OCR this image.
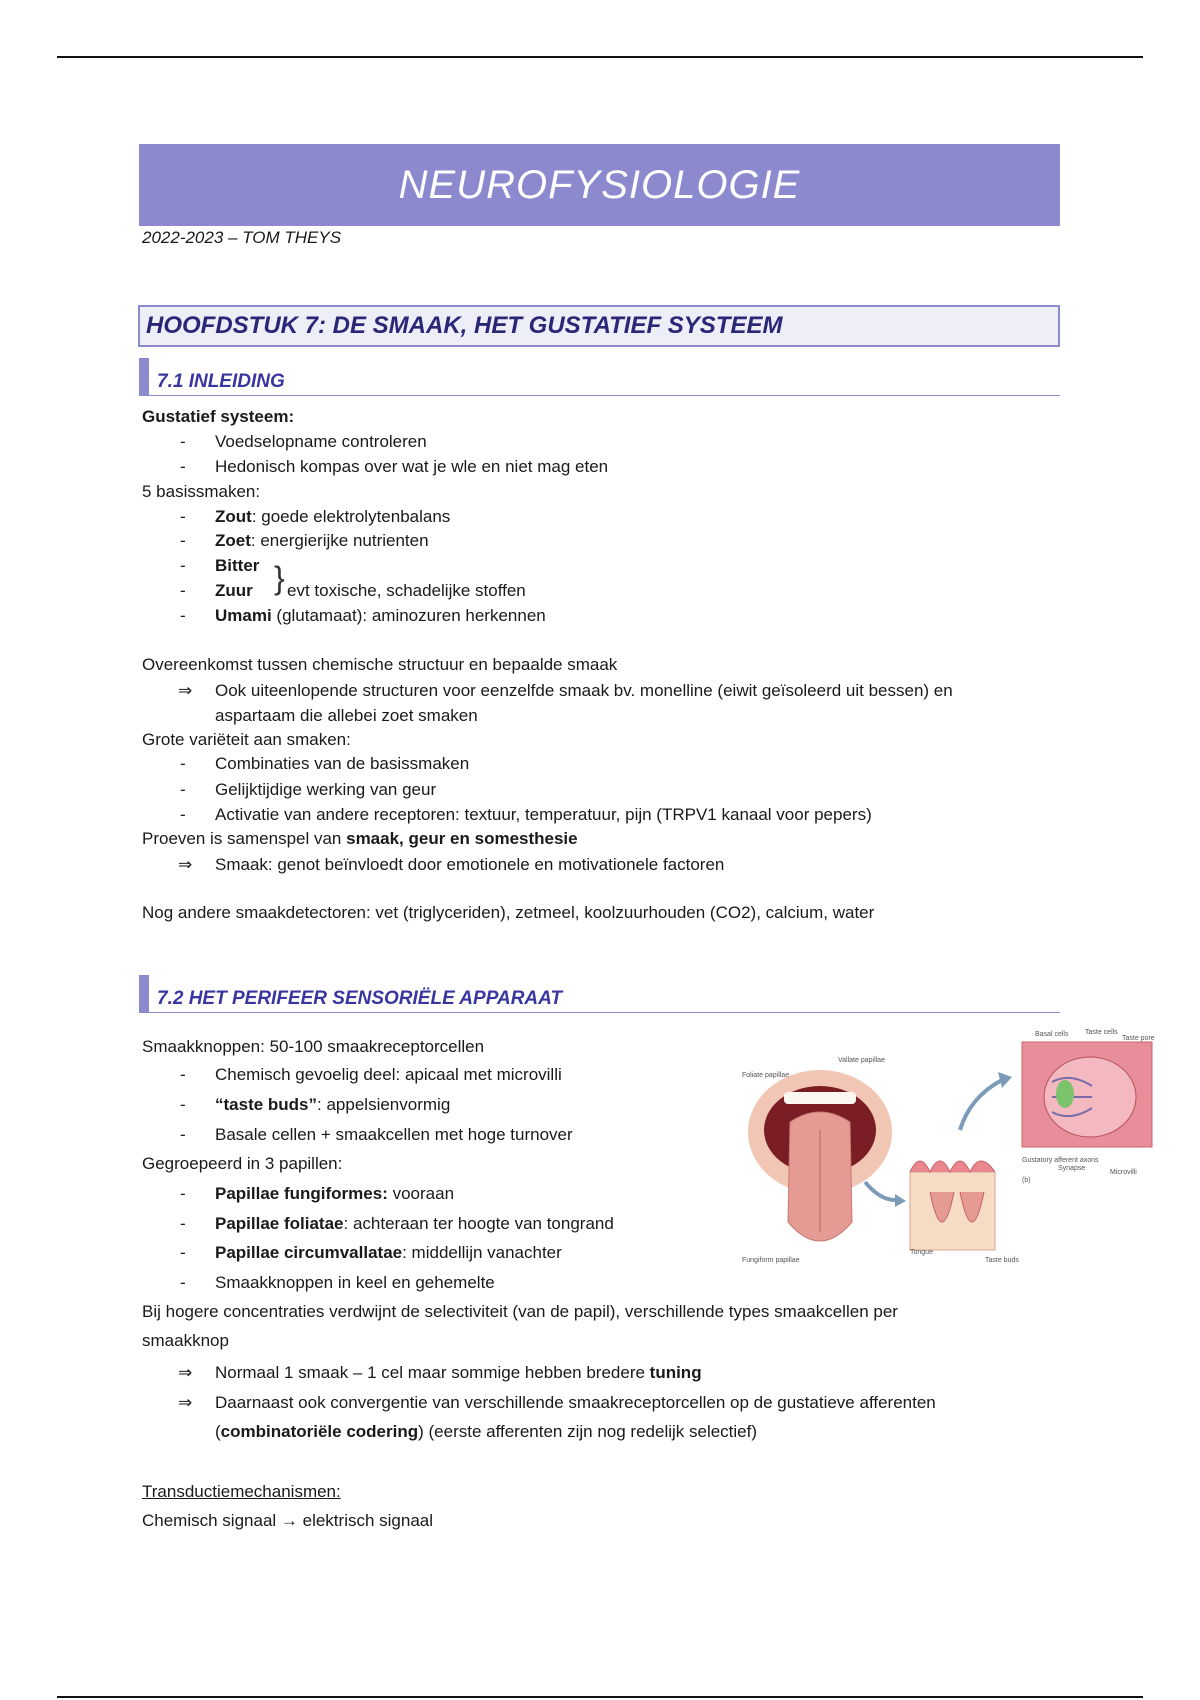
NEUROFYSIOLOGIE
2022-2023 – TOM THEYS
HOOFDSTUK 7: DE SMAAK, HET GUSTATIEF SYSTEEM
7.1 INLEIDING
Gustatief systeem:
- Voedselopname controleren
- Hedonisch kompas over wat je wle en niet mag eten
5 basissmaken:
- Zout: goede elektrolytenbalans
- Zoet: energierijke nutrienten
- Bitter
- Zuur } evt toxische, schadelijke stoffen
- Umami (glutamaat): aminozuren herkennen
Overeenkomst tussen chemische structuur en bepaalde smaak
⇒ Ook uiteenlopende structuren voor eenzelfde smaak bv. monelline (eiwit geïsoleerd uit bessen) en
aspartaam die allebei zoet smaken
Grote variëteit aan smaken:
- Combinaties van de basissmaken
- Gelijktijdige werking van geur
- Activatie van andere receptoren: textuur, temperatuur, pijn (TRPV1 kanaal voor pepers)
Proeven is samenspel van smaak, geur en somesthesie
⇒ Smaak: genot beïnvloedt door emotionele en motivationele factoren
Nog andere smaakdetectoren: vet (triglyceriden), zetmeel, koolzuurhouden (CO2), calcium, water
7.2 HET PERIFEER SENSORIËLE APPARAAT
Smaakknoppen: 50-100 smaakreceptorcellen
- Chemisch gevoelig deel: apicaal met microvilli
- “taste buds”: appelsienvormig
- Basale cellen + smaakcellen met hoge turnover
Gegroepeerd in 3 papillen:
- Papillae fungiformes: vooraan
- Papillae foliatae: achteraan ter hoogte van tongrand
- Papillae circumvallatae: middellijn vanachter
- Smaakknoppen in keel en gehemelte
Bij hogere concentraties verdwijnt de selectiviteit (van de papil), verschillende types smaakcellen per
smaakknop
⇒ Normaal 1 smaak – 1 cel maar sommige hebben bredere tuning
⇒ Daarnaast ook convergentie van verschillende smaakreceptorcellen op de gustatieve afferenten
(combinatoriële codering) (eerste afferenten zijn nog redelijk selectief)
Transductiemechanismen:
Chemisch signaal → elektrisch signaal
Foliate papillae
Vallate papillae
Fungiform papillae
Tongue
Taste buds
Basal cells Taste cells
Taste pore
Gustatory afferent axons
Synapse
Microvilli
(b)
